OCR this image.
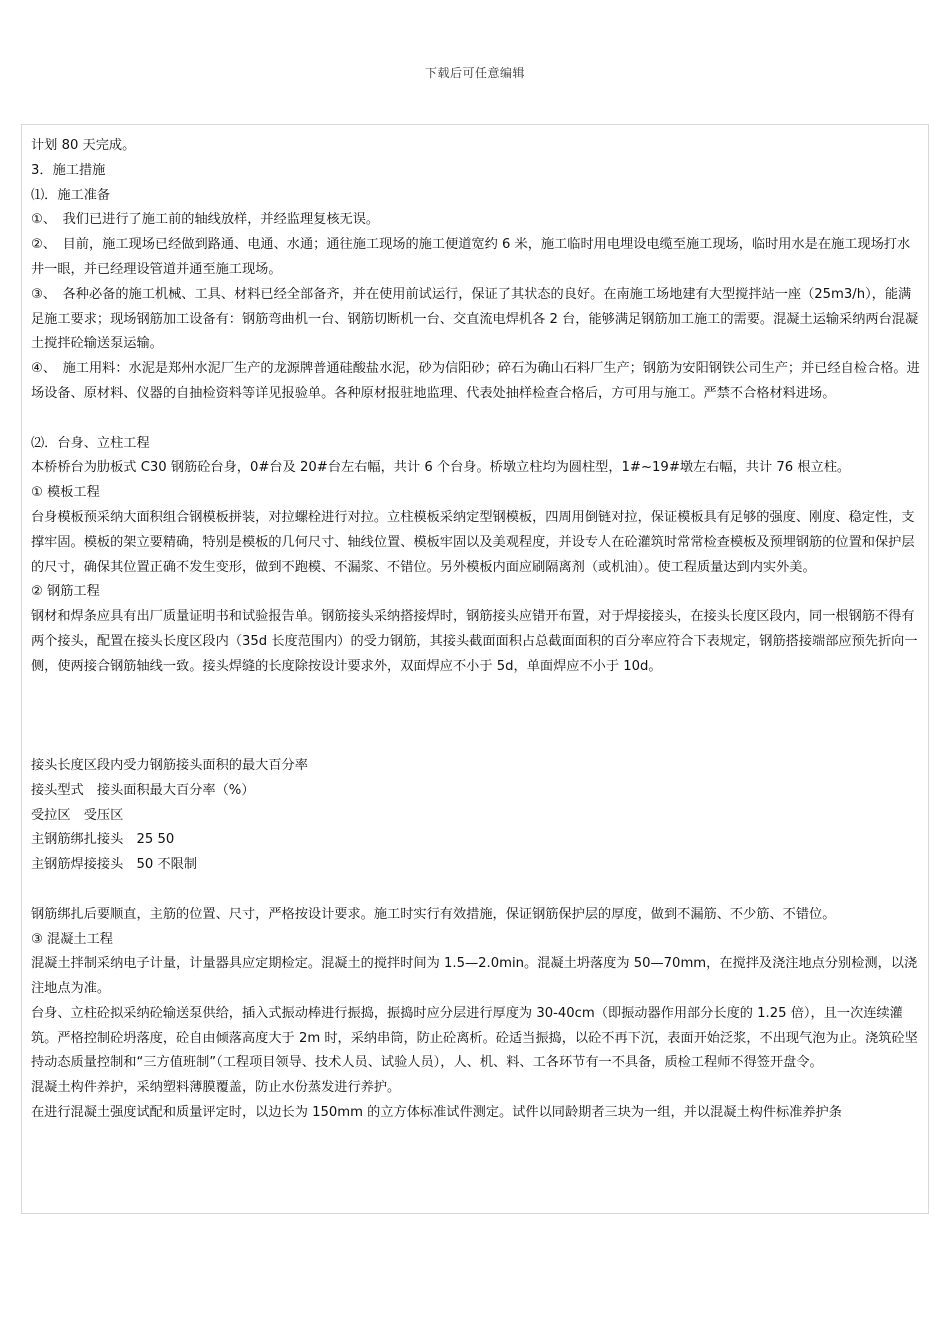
下载后可任意编辑

计划 80 天完成。

3．施工措施

⑴．施工准备

①、　我们已进行了施工前的轴线放样，并经监理复核无误。

②、　目前，施工现场已经做到路通、电通、水通；通往施工现场的施工便道宽约 6 米，施工临时用电埋设电缆至施工现场，临时用水是在施工现场打水井一眼，并已经理设管道并通至施工现场。

③、　各种必备的施工机械、工具、材料已经全部备齐，并在使用前试运行，保证了其状态的良好。在南施工场地建有大型搅拌站一座（25m3/h），能满足施工要求；现场钢筋加工设备有：钢筋弯曲机一台、钢筋切断机一台、交直流电焊机各 2 台，能够满足钢筋加工施工的需要。混凝土运输采纳两台混凝土搅拌砼输送泵运输。

④、　施工用料：水泥是郑州水泥厂生产的龙源牌普通硅酸盐水泥，砂为信阳砂；碎石为确山石料厂生产；钢筋为安阳钢铁公司生产；并已经自检合格。进场设备、原材料、仪器的自抽检资料等详见报验单。各种原材报驻地监理、代表处抽样检查合格后，方可用与施工。严禁不合格材料进场。

⑵．台身、立柱工程

本桥桥台为肋板式 C30 钢筋砼台身，0#台及 20#台左右幅，共计 6 个台身。桥墩立柱均为圆柱型，1#~19#墩左右幅，共计 76 根立柱。

① 模板工程

台身模板预采纳大面积组合钢模板拼装，对拉螺栓进行对拉。立柱模板采纳定型钢模板，四周用倒链对拉，保证模板具有足够的强度、刚度、稳定性，支撑牢固。模板的架立要精确，特别是模板的几何尺寸、轴线位置、模板牢固以及美观程度，并设专人在砼灌筑时常常检查模板及预埋钢筋的位置和保护层的尺寸，确保其位置正确不发生变形，做到不跑模、不漏浆、不错位。另外模板内面应刷隔离剂（或机油）。使工程质量达到内实外美。

② 钢筋工程

钢材和焊条应具有出厂质量证明书和试验报告单。钢筋接头采纳搭接焊时，钢筋接头应错开布置，对于焊接接头，在接头长度区段内，同一根钢筋不得有两个接头，配置在接头长度区段内（35d 长度范围内）的受力钢筋，其接头截面面积占总截面面积的百分率应符合下表规定，钢筋搭接端部应预先折向一侧，使两接合钢筋轴线一致。接头焊缝的长度除按设计要求外，双面焊应不小于 5d，单面焊应不小于 10d。

接头长度区段内受力钢筋接头面积的最大百分率

接头型式　接头面积最大百分率（%）

受拉区　受压区

主钢筋绑扎接头　25 50

主钢筋焊接接头　50 不限制

钢筋绑扎后要顺直，主筋的位置、尺寸，严格按设计要求。施工时实行有效措施，保证钢筋保护层的厚度，做到不漏筋、不少筋、不错位。

③ 混凝土工程

混凝土拌制采纳电子计量，计量器具应定期检定。混凝土的搅拌时间为 1.5—2.0min。混凝土坍落度为 50—70mm，在搅拌及浇注地点分别检测，以浇注地点为准。

台身、立柱砼拟采纳砼输送泵供给，插入式振动棒进行振捣，振捣时应分层进行厚度为 30-40cm（即振动器作用部分长度的 1.25 倍），且一次连续灌筑。严格控制砼坍落度，砼自由倾落高度大于 2m 时，采纳串筒，防止砼离析。砼适当振捣，以砼不再下沉，表面开始泛浆，不出现气泡为止。浇筑砼坚持动态质量控制和“三方值班制”（工程项目领导、技术人员、试验人员），人、机、料、工各环节有一不具备，质检工程师不得签开盘令。

混凝土构件养护，采纳塑料薄膜覆盖，防止水份蒸发进行养护。

在进行混凝土强度试配和质量评定时，以边长为 150mm 的立方体标准试件测定。试件以同龄期者三块为一组，并以混凝土构件标准养护条
